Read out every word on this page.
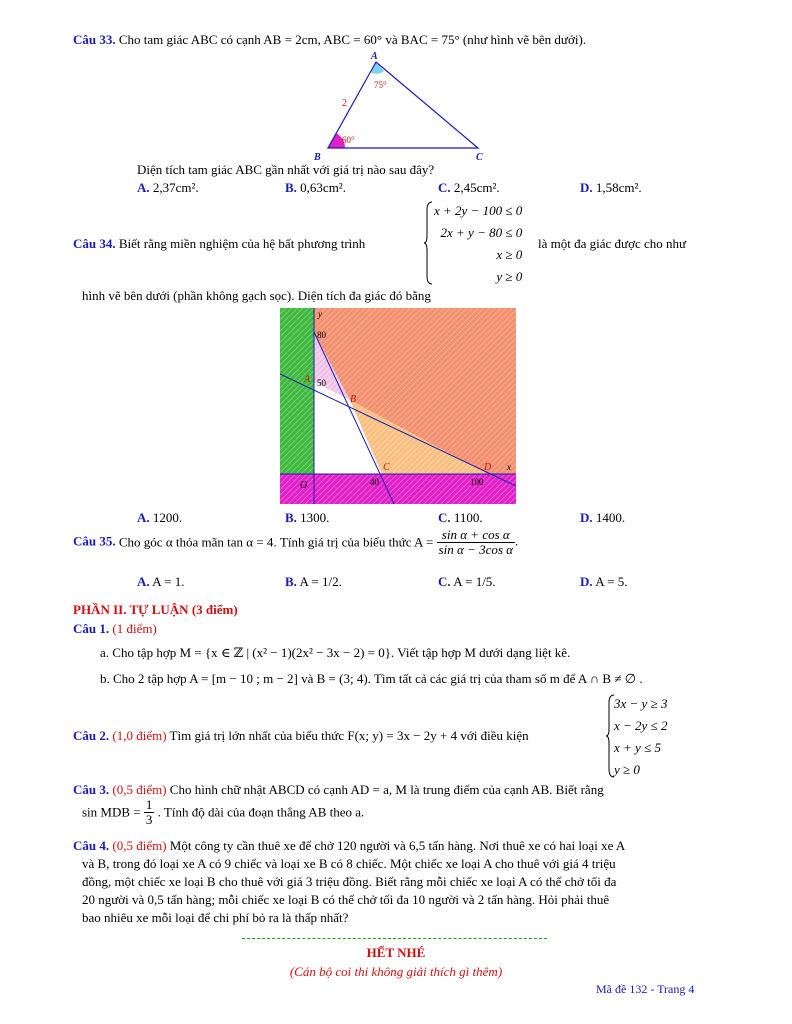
Câu 33. Cho tam giác ABC có cạnh AB = 2cm, ABC = 60° và BAC = 75° (như hình vẽ bên dưới).
A
B	C
2
75°
60°
Diện tích tam giác ABC gần nhất với giá trị nào sau đây?
A. 2,37cm².	B. 0,63cm².	C. 2,45cm².	D. 1,58cm².
Câu 34. Biết rằng miền nghiệm của hệ bất phương trình
x + 2y − 100 ≤ 0
2x + y − 80 ≤ 0
x ≥ 0
y ≥ 0
là một đa giác được cho như
hình vẽ bên dưới (phần không gạch sọc). Diện tích đa giác đó bằng
y
x
O
A
B
C	D
80
50
40	100
A. 1200.	B. 1300.	C. 1100.	D. 1400.
Câu 35. Cho góc α thỏa mãn tan α = 4. Tính giá trị của biểu thức $A = \frac{\text{sin α + cos α}}{\text{sin α − 3cos α}}$ .
A. A = 1.	B. A = 1/2.	C. A = 1/5.	D. A = 5.
PHẦN II. TỰ LUẬN (3 điểm)
Câu 1. (1 điểm)
a. Cho tập hợp M = {x ∈ ℤ | (x² − 1)(2x² − 3x − 2) = 0}. Viết tập hợp M dưới dạng liệt kê.
b. Cho 2 tập hợp A = [m − 10 ; m − 2] và B = (3; 4). Tìm tất cả các giá trị của tham số m để A ∩ B ≠ ∅ .
Câu 2. (1,0 điểm) Tìm giá trị lớn nhất của biểu thức F(x; y) = 3x − 2y + 4 với điều kiện
3x − y ≥ 3
x − 2y ≤ 2
x + y ≤ 5
y ≥ 0
Câu 3. (0,5 điểm) Cho hình chữ nhật ABCD có cạnh AD = a, M là trung điểm của cạnh AB. Biết rằng
sin MDB = $\frac{1}{3}$ . Tính độ dài của đoạn thẳng AB theo a.
Câu 4. (0,5 điểm) Một công ty cần thuê xe để chở 120 người và 6,5 tấn hàng. Nơi thuê xe có hai loại xe A
và B, trong đó loại xe A có 9 chiếc và loại xe B có 8 chiếc. Một chiếc xe loại A cho thuê với giá 4 triệu
đồng, một chiếc xe loại B cho thuê với giá 3 triệu đồng. Biết rằng mỗi chiếc xe loại A có thể chở tối đa
20 người và 0,5 tấn hàng; mỗi chiếc xe loại B có thể chở tối đa 10 người và 2 tấn hàng. Hỏi phải thuê
bao nhiêu xe mỗi loại để chi phí bỏ ra là thấp nhất?
HẾT NHÉ
(Cán bộ coi thi không giải thích gì thêm)
Mã đề 132 - Trang 4
